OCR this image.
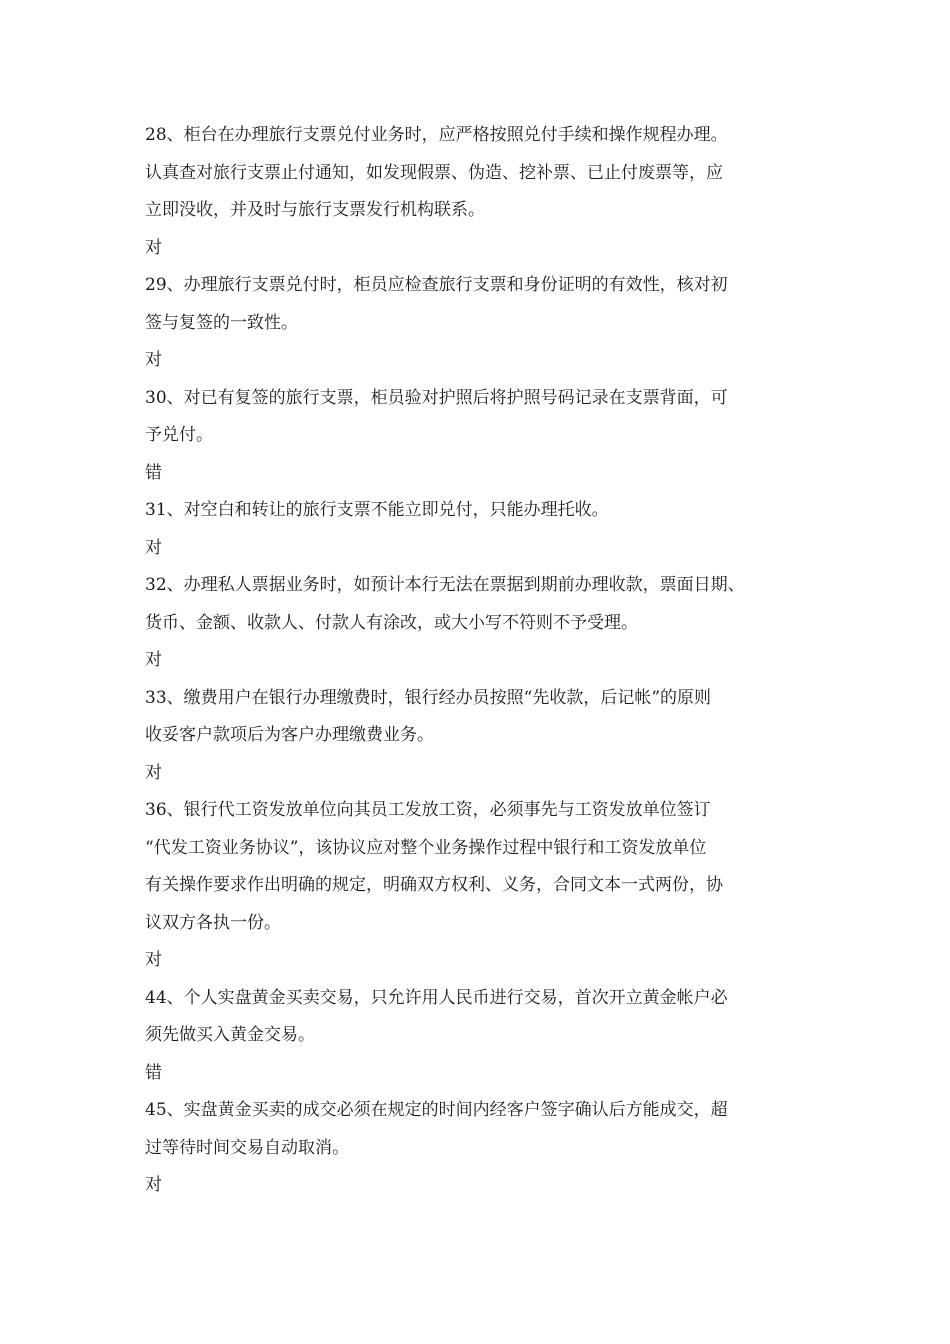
28、柜台在办理旅行支票兑付业务时，应严格按照兑付手续和操作规程办理。
认真查对旅行支票止付通知，如发现假票、伪造、挖补票、已止付废票等，应
立即没收，并及时与旅行支票发行机构联系。
对
29、办理旅行支票兑付时，柜员应检查旅行支票和身份证明的有效性，核对初
签与复签的一致性。
对
30、对已有复签的旅行支票，柜员验对护照后将护照号码记录在支票背面，可
予兑付。
错
31、对空白和转让的旅行支票不能立即兑付，只能办理托收。
对
32、办理私人票据业务时，如预计本行无法在票据到期前办理收款，票面日期、
货币、金额、收款人、付款人有涂改，或大小写不符则不予受理。
对
33、缴费用户在银行办理缴费时，银行经办员按照“先收款，后记帐”的原则
收妥客户款项后为客户办理缴费业务。
对
36、银行代工资发放单位向其员工发放工资，必须事先与工资发放单位签订
“代发工资业务协议”，该协议应对整个业务操作过程中银行和工资发放单位
有关操作要求作出明确的规定，明确双方权利、义务，合同文本一式两份，协
议双方各执一份。
对
44、个人实盘黄金买卖交易，只允许用人民币进行交易，首次开立黄金帐户必
须先做买入黄金交易。
错
45、实盘黄金买卖的成交必须在规定的时间内经客户签字确认后方能成交，超
过等待时间交易自动取消。
对
